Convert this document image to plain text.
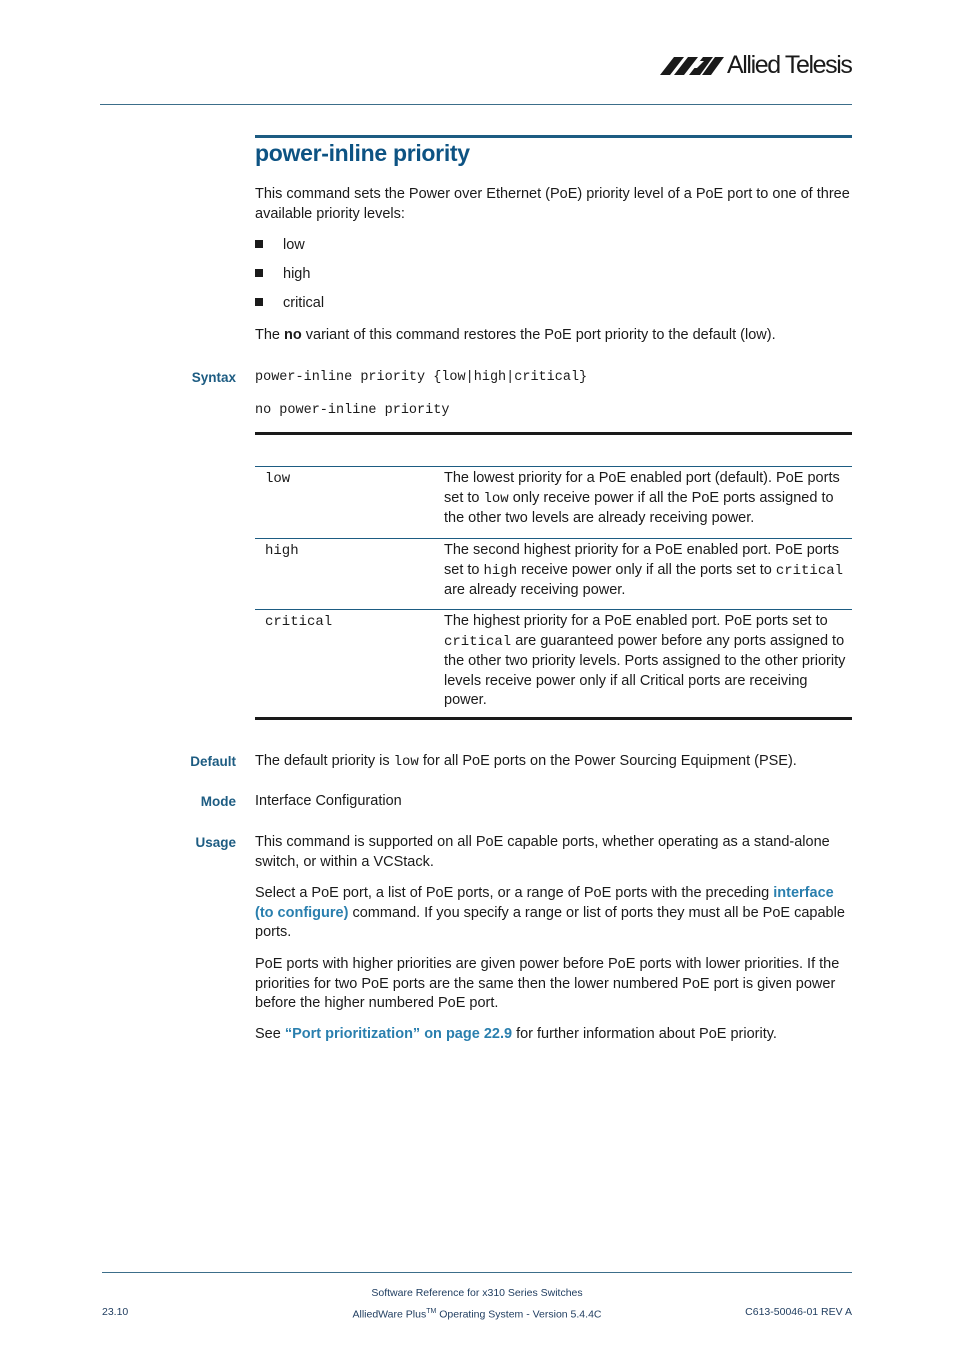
Allied Telesis
power-inline priority

This command sets the Power over Ethernet (PoE) priority level of a PoE port to one of three available priority levels:

low
high
critical

The no variant of this command restores the PoE port priority to the default (low).

Syntax power-inline priority {low|high|critical}
no power-inline priority
low	The lowest priority for a PoE enabled port (default). PoE ports set to low only receive power if all the PoE ports assigned to the other two levels are already receiving power.
high	The second highest priority for a PoE enabled port. PoE ports set to high receive power only if all the ports set to critical are already receiving power.
critical	The highest priority for a PoE enabled port. PoE ports set to critical are guaranteed power before any ports assigned to the other two priority levels. Ports assigned to the other priority levels receive power only if all Critical ports are receiving power.
Default The default priority is low for all PoE ports on the Power Sourcing Equipment (PSE).

Mode Interface Configuration

Usage This command is supported on all PoE capable ports, whether operating as a stand-alone switch, or within a VCStack.

Select a PoE port, a list of PoE ports, or a range of PoE ports with the preceding interface (to configure) command. If you specify a range or list of ports they must all be PoE capable ports.

PoE ports with higher priorities are given power before PoE ports with lower priorities. If the priorities for two PoE ports are the same then the lower numbered PoE port is given power before the higher numbered PoE port.

See “Port prioritization” on page 22.9 for further information about PoE priority.

Software Reference for x310 Series Switches
AlliedWare Plus™ Operating System - Version 5.4.4C
23.10	C613-50046-01 REV A
